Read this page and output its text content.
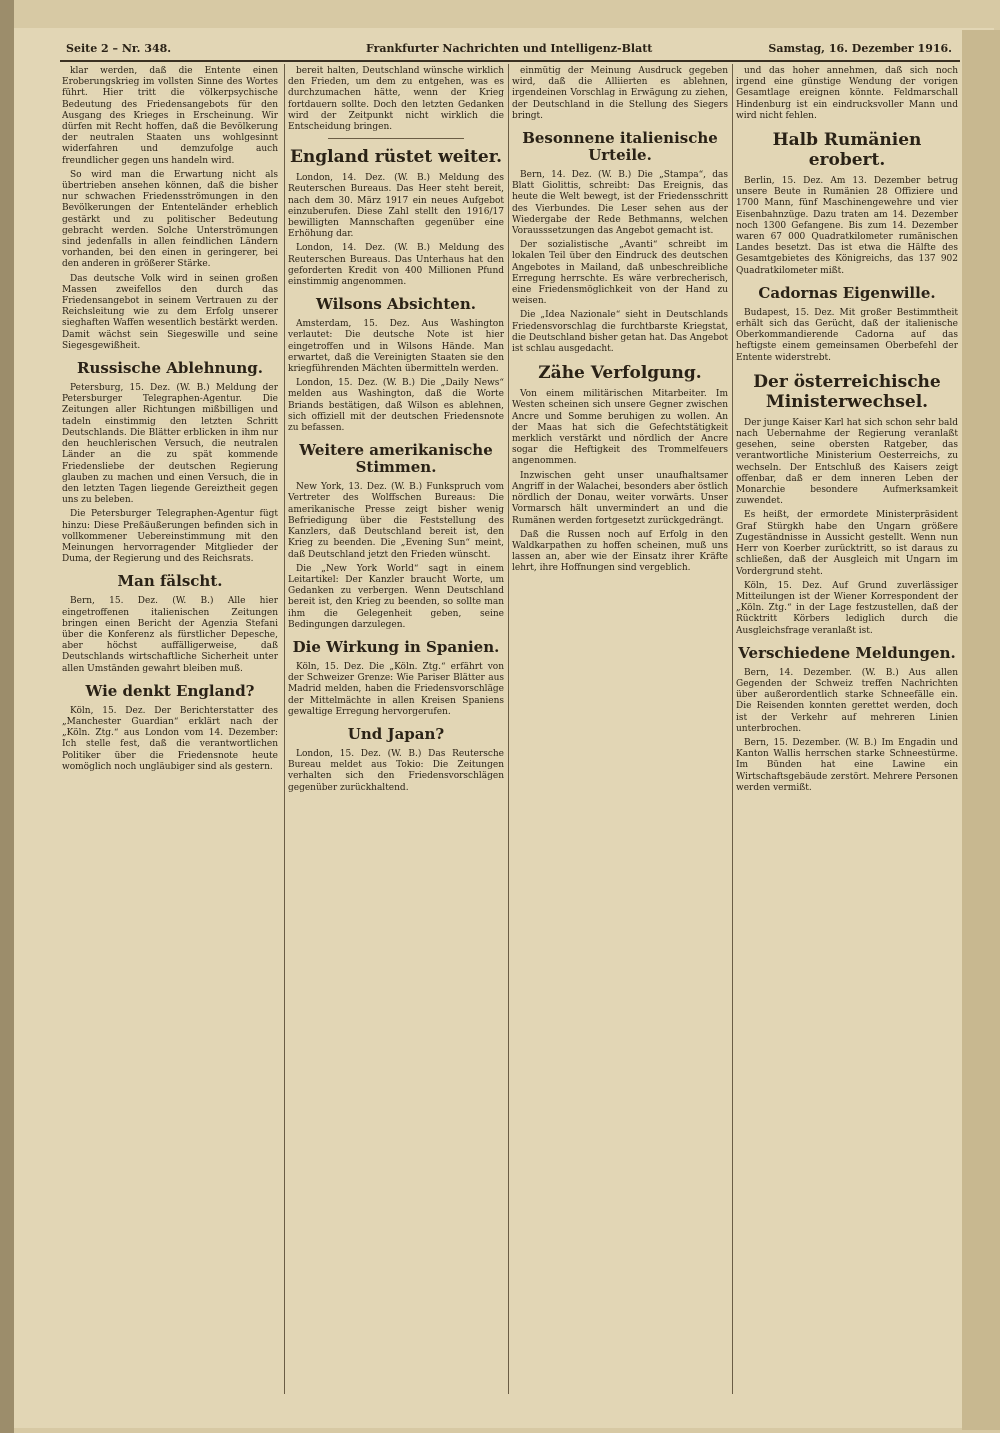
Seite 2 – Nr. 348.	Frankfurter Nachrichten und Intelligenz-Blatt	Samstag, 16. Dezember 1916.

klar werden, daß die Entente einen Eroberungskrieg im vollsten Sinne des Wortes führt. Hier tritt die völkerpsychische Bedeutung des Friedensangebots für den Ausgang des Krieges in Erscheinung. Wir dürfen mit Recht hoffen, daß die Bevölkerung der neutralen Staaten uns wohlgesinnt widerfahren und demzufolge auch freundlicher gegen uns handeln wird.

So wird man die Erwartung nicht als übertrieben ansehen können, daß die bisher nur schwachen Friedensströmungen in den Bevölkerungen der Ententeländer erheblich gestärkt und zu politischer Bedeutung gebracht werden. Solche Unterströmungen sind jedenfalls in allen feindlichen Ländern vorhanden, bei den einen in geringerer, bei den anderen in größerer Stärke.

Das deutsche Volk wird in seinen großen Massen zweifellos den durch das Friedensangebot in seinem Vertrauen zu der Reichsleitung wie zu dem Erfolg unserer sieghaften Waffen wesentlich bestärkt werden. Damit wächst sein Siegeswille und seine Siegesgewißheit.

Russische Ablehnung.

Petersburg, 15. Dez. (W. B.) Meldung der Petersburger Telegraphen-Agentur. Die Zeitungen aller Richtungen mißbilligen und tadeln einstimmig den letzten Schritt Deutschlands. Die Blätter erblicken in ihm nur den heuchlerischen Versuch, die neutralen Länder an die zu spät kommende Friedensliebe der deutschen Regierung glauben zu machen und einen Versuch, die in den letzten Tagen liegende Gereiztheit gegen uns zu beleben.

Die Petersburger Telegraphen-Agentur fügt hinzu: Diese Preßäußerungen befinden sich in vollkommener Uebereinstimmung mit den Meinungen hervorragender Mitglieder der Duma, der Regierung und des Reichsrats.

Man fälscht.

Bern, 15. Dez. (W. B.) Alle hier eingetroffenen italienischen Zeitungen bringen einen Bericht der Agenzia Stefani über die Konferenz als fürstlicher Depesche, aber höchst auffälligerweise, daß Deutschlands wirtschaftliche Sicherheit unter allen Umständen gewahrt bleiben muß.

Wie denkt England?

Köln, 15. Dez. Der Berichterstatter des „Manchester Guardian“ erklärt nach der „Köln. Ztg.“ aus London vom 14. Dezember: Ich stelle fest, daß die verantwortlichen Politiker über die Friedensnote heute womöglich noch ungläubiger sind als gestern.

bereit halten, Deutschland wünsche wirklich den Frieden, um dem zu entgehen, was es durchzumachen hätte, wenn der Krieg fortdauern sollte. Doch den letzten Gedanken wird der Zeitpunkt nicht wirklich die Entscheidung bringen.

England rüstet weiter.

London, 14. Dez. (W. B.) Meldung des Reuterschen Bureaus. Das Heer steht bereit, nach dem 30. März 1917 ein neues Aufgebot einzuberufen. Diese Zahl stellt den 1916/17 bewilligten Mannschaften gegenüber eine Erhöhung dar.

London, 14. Dez. (W. B.) Meldung des Reuterschen Bureaus. Das Unterhaus hat den geforderten Kredit von 400 Millionen Pfund einstimmig angenommen.

Wilsons Absichten.

Amsterdam, 15. Dez. Aus Washington verlautet: Die deutsche Note ist hier eingetroffen und in Wilsons Hände. Man erwartet, daß die Vereinigten Staaten sie den kriegführenden Mächten übermitteln werden.

London, 15. Dez. (W. B.) Die „Daily News“ melden aus Washington, daß die Worte Briands bestätigen, daß Wilson es ablehnen, sich offiziell mit der deutschen Friedensnote zu befassen.

Weitere amerikanische Stimmen.

New York, 13. Dez. (W. B.) Funkspruch vom Vertreter des Wolffschen Bureaus: Die amerikanische Presse zeigt bisher wenig Befriedigung über die Feststellung des Kanzlers, daß Deutschland bereit ist, den Krieg zu beenden. Die „Evening Sun“ meint, daß Deutschland jetzt den Frieden wünscht.

Die „New York World“ sagt in einem Leitartikel: Der Kanzler braucht Worte, um Gedanken zu verbergen. Wenn Deutschland bereit ist, den Krieg zu beenden, so sollte man ihm die Gelegenheit geben, seine Bedingungen darzulegen.

Die Wirkung in Spanien.

Köln, 15. Dez. Die „Köln. Ztg.“ erfährt von der Schweizer Grenze: Wie Pariser Blätter aus Madrid melden, haben die Friedensvorschläge der Mittelmächte in allen Kreisen Spaniens gewaltige Erregung hervorgerufen.

Und Japan?

London, 15. Dez. (W. B.) Das Reutersche Bureau meldet aus Tokio: Die Zeitungen verhalten sich den Friedensvorschlägen gegenüber zurückhaltend.

einmütig der Meinung Ausdruck gegeben wird, daß die Alliierten es ablehnen, irgendeinen Vorschlag in Erwägung zu ziehen, der Deutschland in die Stellung des Siegers bringt.

Besonnene italienische Urteile.

Bern, 14. Dez. (W. B.) Die „Stampa“, das Blatt Giolittis, schreibt: Das Ereignis, das heute die Welt bewegt, ist der Friedensschritt des Vierbundes. Die Leser sehen aus der Wiedergabe der Rede Bethmanns, welchen Vorausssetzungen das Angebot gemacht ist.

Der sozialistische „Avanti“ schreibt im lokalen Teil über den Eindruck des deutschen Angebotes in Mailand, daß unbeschreibliche Erregung herrschte. Es wäre verbrecherisch, eine Friedensmöglichkeit von der Hand zu weisen.

Die „Idea Nazionale“ sieht in Deutschlands Friedensvorschlag die furchtbarste Kriegstat, die Deutschland bisher getan hat. Das Angebot ist schlau ausgedacht.

Zähe Verfolgung.

Von einem militärischen Mitarbeiter. Im Westen scheinen sich unsere Gegner zwischen Ancre und Somme beruhigen zu wollen. An der Maas hat sich die Gefechtstätigkeit merklich verstärkt und nördlich der Ancre sogar die Heftigkeit des Trommelfeuers angenommen.

Inzwischen geht unser unaufhaltsamer Angriff in der Walachei, besonders aber östlich nördlich der Donau, weiter vorwärts. Unser Vormarsch hält unvermindert an und die Rumänen werden fortgesetzt zurückgedrängt.

Daß die Russen noch auf Erfolg in den Waldkarpathen zu hoffen scheinen, muß uns lassen an, aber wie der Einsatz ihrer Kräfte lehrt, ihre Hoffnungen sind vergeblich.

und das hoher annehmen, daß sich noch irgend eine günstige Wendung der vorigen Gesamtlage ereignen könnte. Feldmarschall Hindenburg ist ein eindrucksvoller Mann und wird nicht fehlen.

Halb Rumänien erobert.

Berlin, 15. Dez. Am 13. Dezember betrug unsere Beute in Rumänien 28 Offiziere und 1700 Mann, fünf Maschinengewehre und vier Eisenbahnzüge. Dazu traten am 14. Dezember noch 1300 Gefangene. Bis zum 14. Dezember waren 67 000 Quadratkilometer rumänischen Landes besetzt. Das ist etwa die Hälfte des Gesamtgebietes des Königreichs, das 137 902 Quadratkilometer mißt.

Cadornas Eigenwille.

Budapest, 15. Dez. Mit großer Bestimmtheit erhält sich das Gerücht, daß der italienische Oberkommandierende Cadorna auf das heftigste einem gemeinsamen Oberbefehl der Entente widerstrebt.

Der österreichische Ministerwechsel.

Der junge Kaiser Karl hat sich schon sehr bald nach Uebernahme der Regierung veranlaßt gesehen, seine obersten Ratgeber, das verantwortliche Ministerium Oesterreichs, zu wechseln. Der Entschluß des Kaisers zeigt offenbar, daß er dem inneren Leben der Monarchie besondere Aufmerksamkeit zuwendet.

Es heißt, der ermordete Ministerpräsident Graf Stürgkh habe den Ungarn größere Zugeständnisse in Aussicht gestellt. Wenn nun Herr von Koerber zurücktritt, so ist daraus zu schließen, daß der Ausgleich mit Ungarn im Vordergrund steht.

Köln, 15. Dez. Auf Grund zuverlässiger Mitteilungen ist der Wiener Korrespondent der „Köln. Ztg.“ in der Lage festzustellen, daß der Rücktritt Körbers lediglich durch die Ausgleichsfrage veranlaßt ist.

Verschiedene Meldungen.

Bern, 14. Dezember. (W. B.) Aus allen Gegenden der Schweiz treffen Nachrichten über außerordentlich starke Schneefälle ein. Die Reisenden konnten gerettet werden, doch ist der Verkehr auf mehreren Linien unterbrochen.

Bern, 15. Dezember. (W. B.) Im Engadin und Kanton Wallis herrschen starke Schneestürme. Im Bünden hat eine Lawine ein Wirtschaftsgebäude zerstört. Mehrere Personen werden vermißt.
